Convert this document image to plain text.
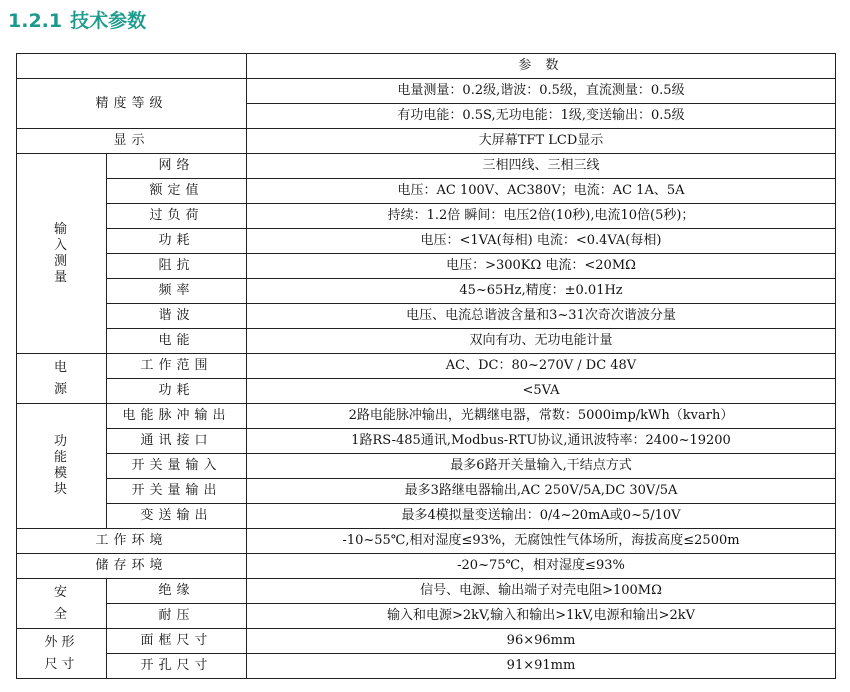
1.2.1 技术参数
		参 数
精度等级		电量测量：0.2级,谐波：0.5级，直流测量：0.5级
		有功电能：0.5S,无功电能：1级,变送输出：0.5级
显示		大屏幕TFT LCD显示

输入测量	网络	三相四线、三相三线
	额定值	电压：AC 100V、AC380V；电流：AC 1A、5A
	过负荷	持续：1.2倍 瞬间：电压2倍(10秒),电流10倍(5秒)；
	功耗	电压：<1VA(每相) 电流：<0.4VA(每相)
	阻抗	电压：>300KΩ 电流：<20MΩ
	频率	45~65Hz,精度：±0.01Hz
	谐波	电压、电流总谐波含量和3~31次奇次谐波分量
	电能	双向有功、无功电能计量

电源	工作范围	AC、DC：80~270V / DC 48V
	功耗	<5VA

功能模块	电能脉冲输出	2路电能脉冲输出，光耦继电器，常数：5000imp/kWh（kvarh）
	通讯接口	1路RS-485通讯,Modbus-RTU协议,通讯波特率：2400~19200
	开关量输入	最多6路开关量输入,干结点方式
	开关量输出	最多3路继电器输出,AC 250V/5A,DC 30V/5A
	变送输出	最多4模拟量变送输出：0/4~20mA或0~5/10V
工作环境		-10~55℃,相对湿度≤93%，无腐蚀性气体场所，海拔高度≤2500m
储存环境		-20~75℃，相对湿度≤93%

安全	绝缘	信号、电源、输出端子对壳电阻>100MΩ
	耐压	输入和电源>2kV,输入和输出>1kV,电源和输出>2kV

外形尺寸	面框尺寸	96×96mm
	开孔尺寸	91×91mm
